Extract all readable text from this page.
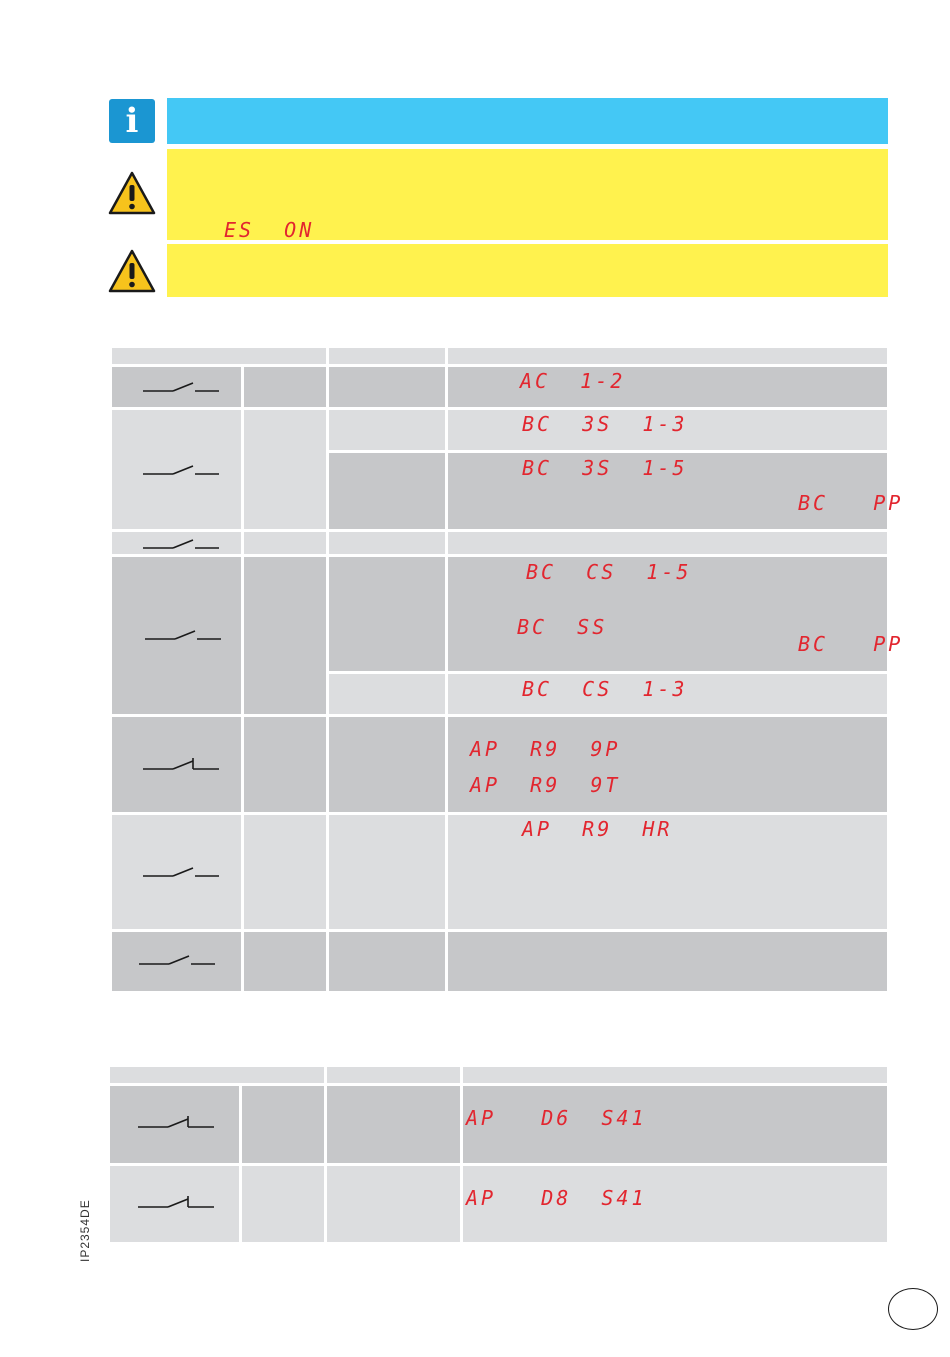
i
ES  ON
AC  1-2
BC  3S  1-3
BC  3S  1-5
BC   PP
BC  CS  1-5
BC  SS
BC   PP
BC  CS  1-3
AP  R9  9P
AP  R9  9T
AP  R9  HR
AP   D6  S41
AP   D8  S41
IP2354DE
